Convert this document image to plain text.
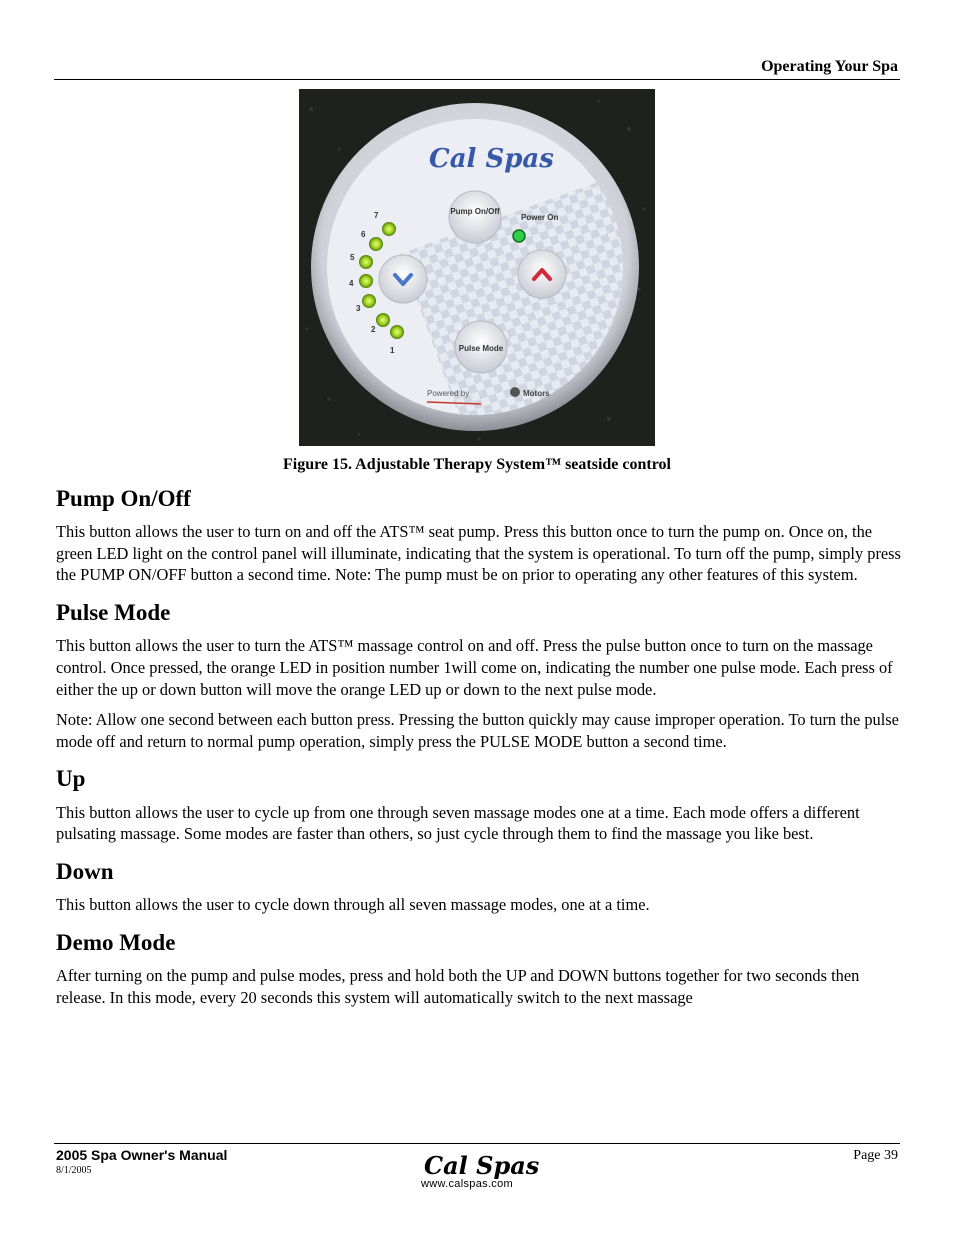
Operating Your Spa
Cal Spas
Pump On/Off
Power On
Pulse Mode
1
2
3
4
5
6
7
Powered by	Motors
Figure 15. Adjustable Therapy System™ seatside control
Pump On/Off

This button allows the user to turn on and off the ATS™ seat pump. Press this button once to turn the pump on. Once on, the green LED light on the control panel will illuminate, indicating that the system is operational. To turn off the pump, simply press the PUMP ON/OFF button a second time. Note: The pump must be on prior to operating any other features of this system.

Pulse Mode

This button allows the user to turn the ATS™ massage control on and off. Press the pulse button once to turn on the massage control. Once pressed, the orange LED in position number 1will come on, indicating the number one pulse mode. Each press of either the up or down button will move the orange LED up or down to the next pulse mode.

Note: Allow one second between each button press. Pressing the button quickly may cause improper operation. To turn the pulse mode off and return to normal pump operation, simply press the PULSE MODE button a second time.

Up

This button allows the user to cycle up from one through seven massage modes one at a time. Each mode offers a different pulsating massage. Some modes are faster than others, so just cycle through them to find the massage you like best.

Down

This button allows the user to cycle down through all seven massage modes, one at a time.

Demo Mode

After turning on the pump and pulse modes, press and hold both the UP and DOWN buttons together for two seconds then release. In this mode, every 20 seconds this system will automatically switch to the next massage

2005 Spa Owner's Manual
8/1/2005	Cal Spas
www.calspas.com
Page 39
